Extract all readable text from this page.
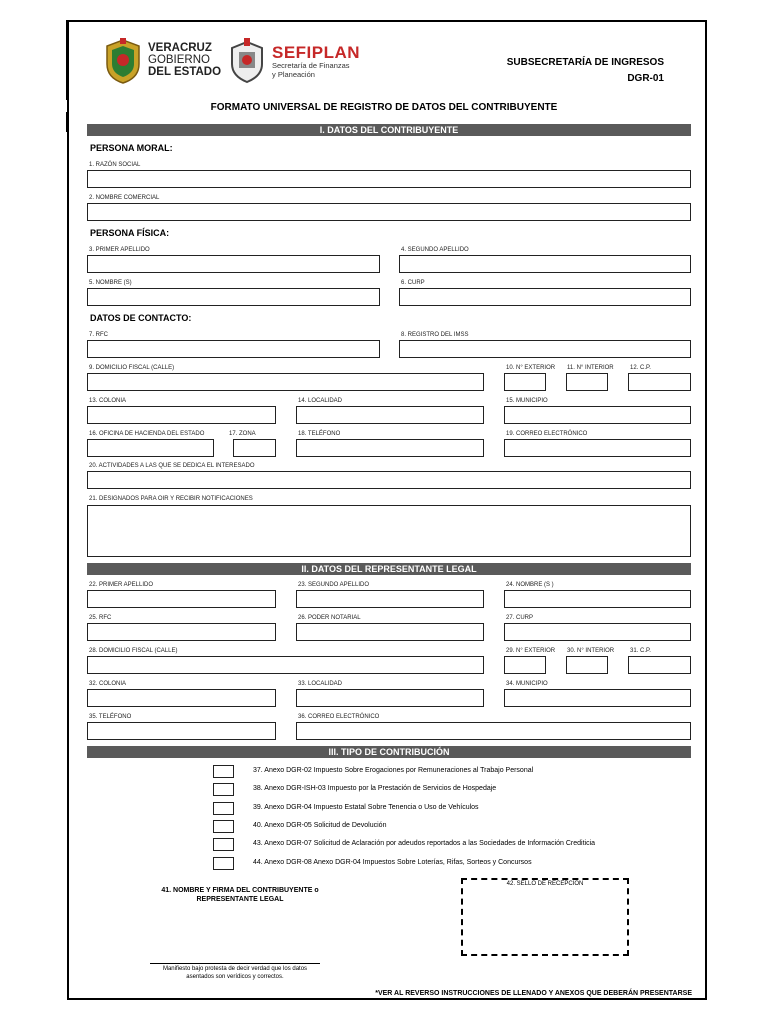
VERACRUZ
GOBIERNO
DEL ESTADO
SEFIPLAN
Secretaría de Finanzas
y Planeación
SUBSECRETARÍA DE INGRESOS
DGR-01
FORMATO UNIVERSAL DE REGISTRO DE DATOS DEL CONTRIBUYENTE
I. DATOS DEL CONTRIBUYENTE
PERSONA MORAL:
1. RAZÓN SOCIAL
2. NOMBRE COMERCIAL
PERSONA FÍSICA:
3. PRIMER APELLIDO	4. SEGUNDO APELLIDO
5. NOMBRE (S)	6. CURP
DATOS DE CONTACTO:
7. RFC	8. REGISTRO DEL IMSS
9. DOMICILIO FISCAL (CALLE)	10. N° EXTERIOR 11. N° INTERIOR	12. C.P.
13. COLONIA	14. LOCALIDAD	15. MUNICIPIO
16. OFICINA DE HACIENDA DEL ESTADO	17. ZONA	18. TELÉFONO	19. CORREO ELECTRÓNICO
20. ACTIVIDADES A LAS QUE SE DEDICA EL INTERESADO
21. DESIGNADOS PARA OIR Y RECIBIR NOTIFICACIONES
II. DATOS DEL REPRESENTANTE LEGAL
22. PRIMER APELLIDO	23. SEGUNDO APELLIDO	24. NOMBRE (S )
25. RFC	26. PODER NOTARIAL	27. CURP
28. DOMICILIO FISCAL (CALLE)	29. N° EXTERIOR 30. N° INTERIOR	31. C.P.
32. COLONIA	33. LOCALIDAD	34. MUNICIPIO
35. TELÉFONO	36. CORREO ELECTRÓNICO
III. TIPO DE CONTRIBUCIÓN
37. Anexo DGR-02 Impuesto Sobre Erogaciones por Remuneraciones al Trabajo Personal
38. Anexo DGR-ISH-03 Impuesto por la Prestación de Servicios de Hospedaje
39. Anexo DGR-04 Impuesto Estatal Sobre Tenencia o Uso de Vehículos
40. Anexo DGR-05 Solicitud de Devolución
43. Anexo DGR-07 Solicitud de Aclaración por adeudos reportados a las Sociedades de Información Crediticia
44. Anexo DGR-08 Anexo DGR-04 Impuestos Sobre Loterías, Rifas, Sorteos y Concursos
41. NOMBRE Y FIRMA DEL CONTRIBUYENTE o
REPRESENTANTE LEGAL
Manifiesto bajo protesta de decir verdad que los datos
asentados son verídicos y correctos.
42. SELLO DE RECEPCIÓN
*VER AL REVERSO INSTRUCCIONES DE LLENADO Y ANEXOS QUE DEBERÁN PRESENTARSE
